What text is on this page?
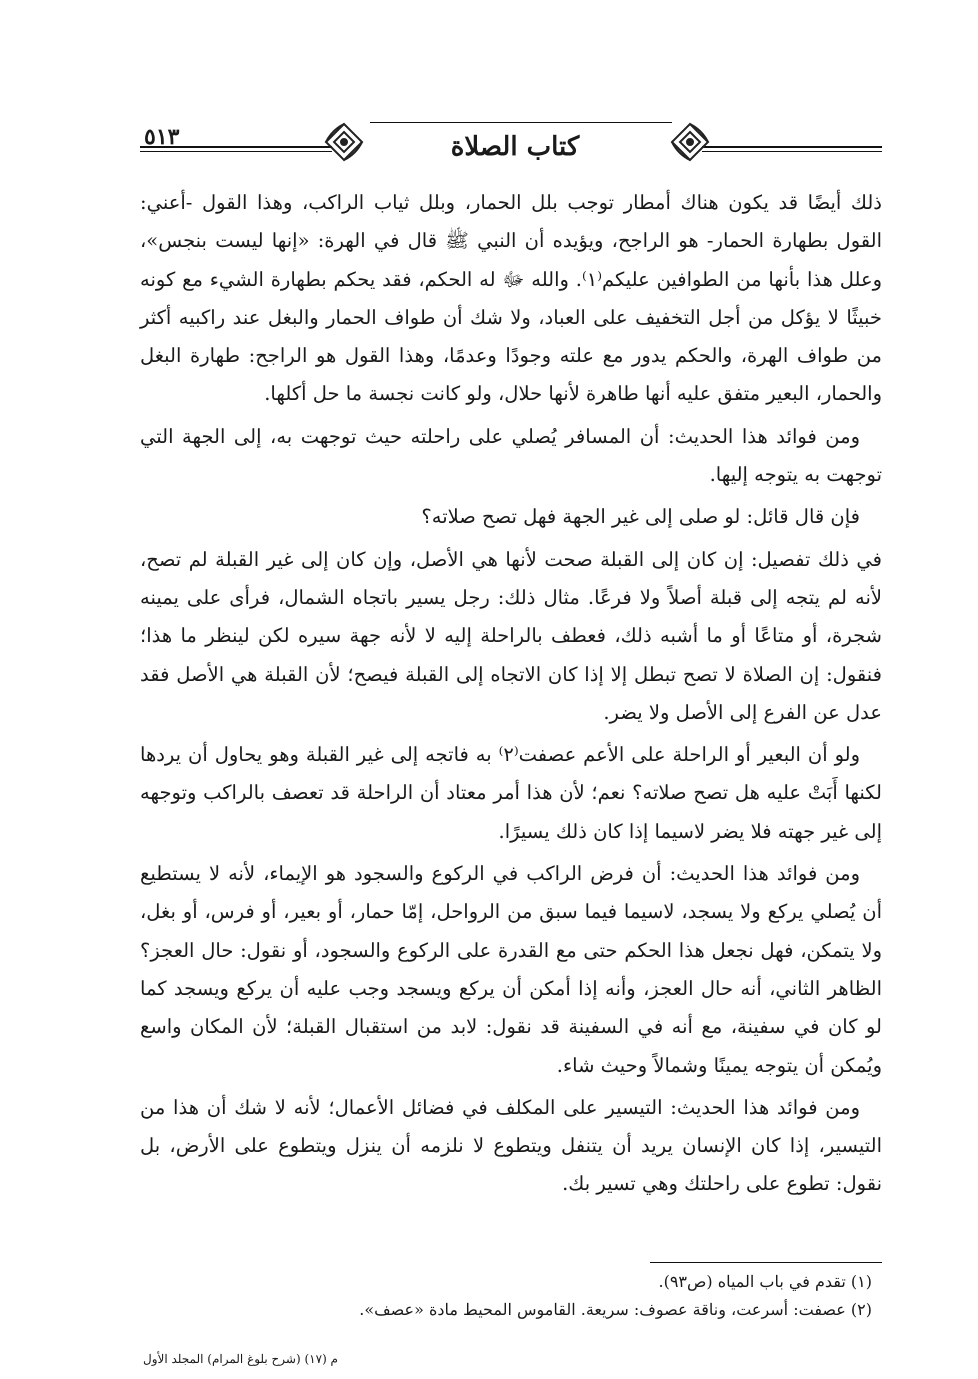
٥١٣	كتاب الصلاة

ذلك أيضًا قد يكون هناك أمطار توجب بلل الحمار، وبلل ثياب الراكب، وهذا القول -أعني: القول بطهارة الحمار- هو الراجح، ويؤيده أن النبي ﷺ قال في الهرة: «إنها ليست بنجس»، وعلل هذا بأنها من الطوافين عليكم⁽١⁾. والله ﷻ له الحكم، فقد يحكم بطهارة الشيء مع كونه خبيثًا لا يؤكل من أجل التخفيف على العباد، ولا شك أن طواف الحمار والبغل عند راكبيه أكثر من طواف الهرة، والحكم يدور مع علته وجودًا وعدمًا، وهذا القول هو الراجح: طهارة البغل والحمار، البعير متفق عليه أنها طاهرة لأنها حلال، ولو كانت نجسة ما حل أكلها.

ومن فوائد هذا الحديث: أن المسافر يُصلي على راحلته حيث توجهت به، إلى الجهة التي توجهت به يتوجه إليها.

فإن قال قائل: لو صلى إلى غير الجهة فهل تصح صلاته؟

في ذلك تفصيل: إن كان إلى القبلة صحت لأنها هي الأصل، وإن كان إلى غير القبلة لم تصح، لأنه لم يتجه إلى قبلة أصلاً ولا فرعًا. مثال ذلك: رجل يسير باتجاه الشمال، فرأى على يمينه شجرة، أو متاعًا أو ما أشبه ذلك، فعطف بالراحلة إليه لا لأنه جهة سيره لكن لينظر ما هذا؛ فنقول: إن الصلاة لا تصح تبطل إلا إذا كان الاتجاه إلى القبلة فيصح؛ لأن القبلة هي الأصل فقد عدل عن الفرع إلى الأصل ولا يضر.

ولو أن البعير أو الراحلة على الأعم عصفت⁽٢⁾ به فاتجه إلى غير القبلة وهو يحاول أن يردها لكنها أَبَتْ عليه هل تصح صلاته؟ نعم؛ لأن هذا أمر معتاد أن الراحلة قد تعصف بالراكب وتوجهه إلى غير جهته فلا يضر لاسيما إذا كان ذلك يسيرًا.

ومن فوائد هذا الحديث: أن فرض الراكب في الركوع والسجود هو الإيماء، لأنه لا يستطيع أن يُصلي يركع ولا يسجد، لاسيما فيما سبق من الرواحل، إمّا حمار، أو بعير، أو فرس، أو بغل، ولا يتمكن، فهل نجعل هذا الحكم حتى مع القدرة على الركوع والسجود، أو نقول: حال العجز؟ الظاهر الثاني، أنه حال العجز، وأنه إذا أمكن أن يركع ويسجد وجب عليه أن يركع ويسجد كما لو كان في سفينة، مع أنه في السفينة قد نقول: لابد من استقبال القبلة؛ لأن المكان واسع ويُمكن أن يتوجه يمينًا وشمالاً وحيث شاء.

ومن فوائد هذا الحديث: التيسير على المكلف في فضائل الأعمال؛ لأنه لا شك أن هذا من التيسير، إذا كان الإنسان يريد أن يتنفل ويتطوع لا نلزمه أن ينزل ويتطوع على الأرض، بل نقول: تطوع على راحلتك وهي تسير بك.

(١) تقدم في باب المياه (ص٩٣).

(٢) عصفت: أسرعت، وناقة عصوف: سريعة. القاموس المحيط مادة «عصف».

م (١٧) (شرح بلوغ المرام) المجلد الأول
